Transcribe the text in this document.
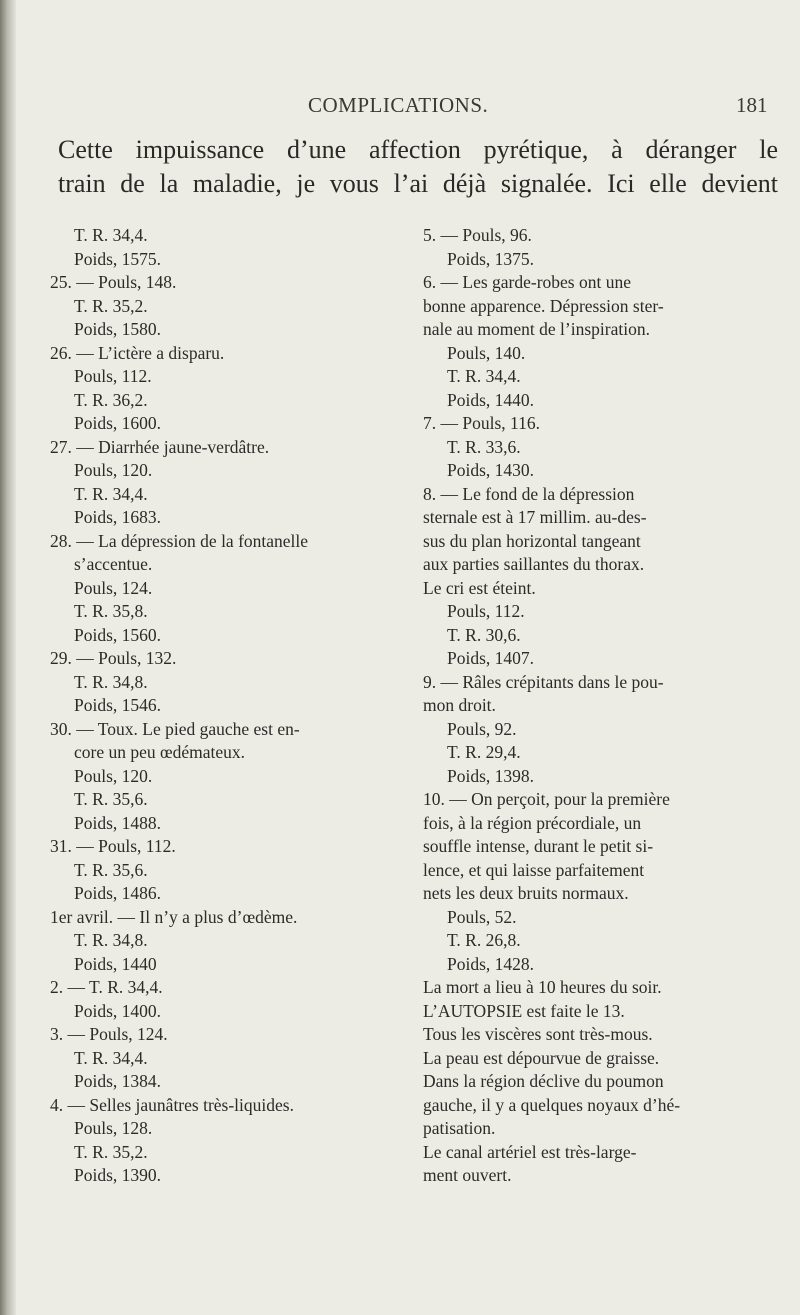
COMPLICATIONS.	181

Cette impuissance d’une affection pyrétique, à déranger le

train de la maladie, je vous l’ai déjà signalée. Ici elle devient

T. R. 34,4.
Poids, 1575.
25. — Pouls, 148.
T. R. 35,2.
Poids, 1580.
26. — L’ictère a disparu.
Pouls, 112.
T. R. 36,2.
Poids, 1600.
27. — Diarrhée jaune-verdâtre.
Pouls, 120.
T. R. 34,4.
Poids, 1683.
28. — La dépression de la fontanelle
s’accentue.
Pouls, 124.
T. R. 35,8.
Poids, 1560.
29. — Pouls, 132.
T. R. 34,8.
Poids, 1546.
30. — Toux. Le pied gauche est en-
core un peu œdémateux.
Pouls, 120.
T. R. 35,6.
Poids, 1488.
31. — Pouls, 112.
T. R. 35,6.
Poids, 1486.
1er avril. — Il n’y a plus d’œdème.
T. R. 34,8.
Poids, 1440
2. — T. R. 34,4.
Poids, 1400.
3. — Pouls, 124.
T. R. 34,4.
Poids, 1384.
4. — Selles jaunâtres très-liquides.
Pouls, 128.
T. R. 35,2.
Poids, 1390.
5. — Pouls, 96.
Poids, 1375.
6. — Les garde-robes ont une
bonne apparence. Dépression ster-
nale au moment de l’inspiration.
Pouls, 140.
T. R. 34,4.
Poids, 1440.
7. — Pouls, 116.
T. R. 33,6.
Poids, 1430.
8. — Le fond de la dépression
sternale est à 17 millim. au-des-
sus du plan horizontal tangeant
aux parties saillantes du thorax.
Le cri est éteint.
Pouls, 112.
T. R. 30,6.
Poids, 1407.
9. — Râles crépitants dans le pou-
mon droit.
Pouls, 92.
T. R. 29,4.
Poids, 1398.
10. — On perçoit, pour la première
fois, à la région précordiale, un
souffle intense, durant le petit si-
lence, et qui laisse parfaitement
nets les deux bruits normaux.
Pouls, 52.
T. R. 26,8.
Poids, 1428.
La mort a lieu à 10 heures du soir.
L’AUTOPSIE est faite le 13.
Tous les viscères sont très-mous.
La peau est dépourvue de graisse.
Dans la région déclive du poumon
gauche, il y a quelques noyaux d’hé-
patisation.
Le canal artériel est très-large-
ment ouvert.
